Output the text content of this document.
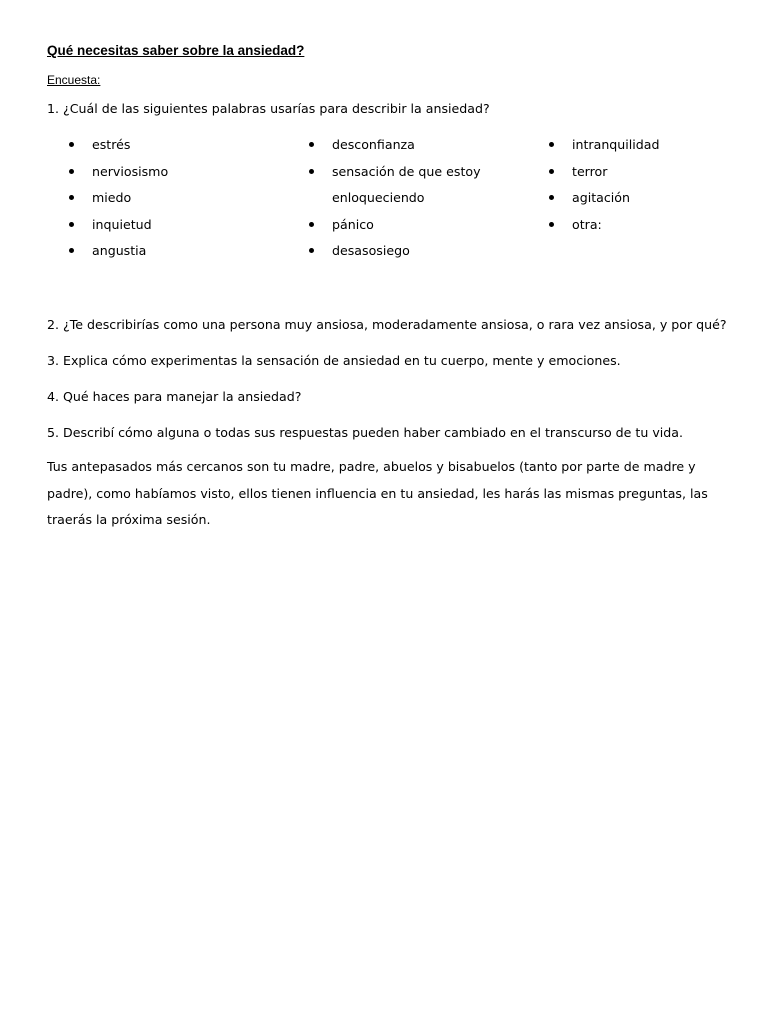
Qué necesitas saber sobre la ansiedad?
Encuesta:
1. ¿Cuál de las siguientes palabras usarías para describir la ansiedad?
estrés
nerviosismo
miedo
inquietud
angustia
desconfianza
sensación de que estoy
enloqueciendo
pánico
desasosiego
intranquilidad
terror
agitación
otra:
2. ¿Te describirías como una persona muy ansiosa, moderadamente ansiosa, o rara vez ansiosa, y por qué?
3. Explica cómo experimentas la sensación de ansiedad en tu cuerpo, mente y emociones.
4. Qué haces para manejar la ansiedad?
5. Describí cómo alguna o todas sus respuestas pueden haber cambiado en el transcurso de tu vida.
Tus antepasados más cercanos son tu madre, padre, abuelos y bisabuelos (tanto por parte de madre y padre), como habíamos visto, ellos tienen influencia en tu ansiedad, les harás las mismas preguntas, las traerás la próxima sesión.
